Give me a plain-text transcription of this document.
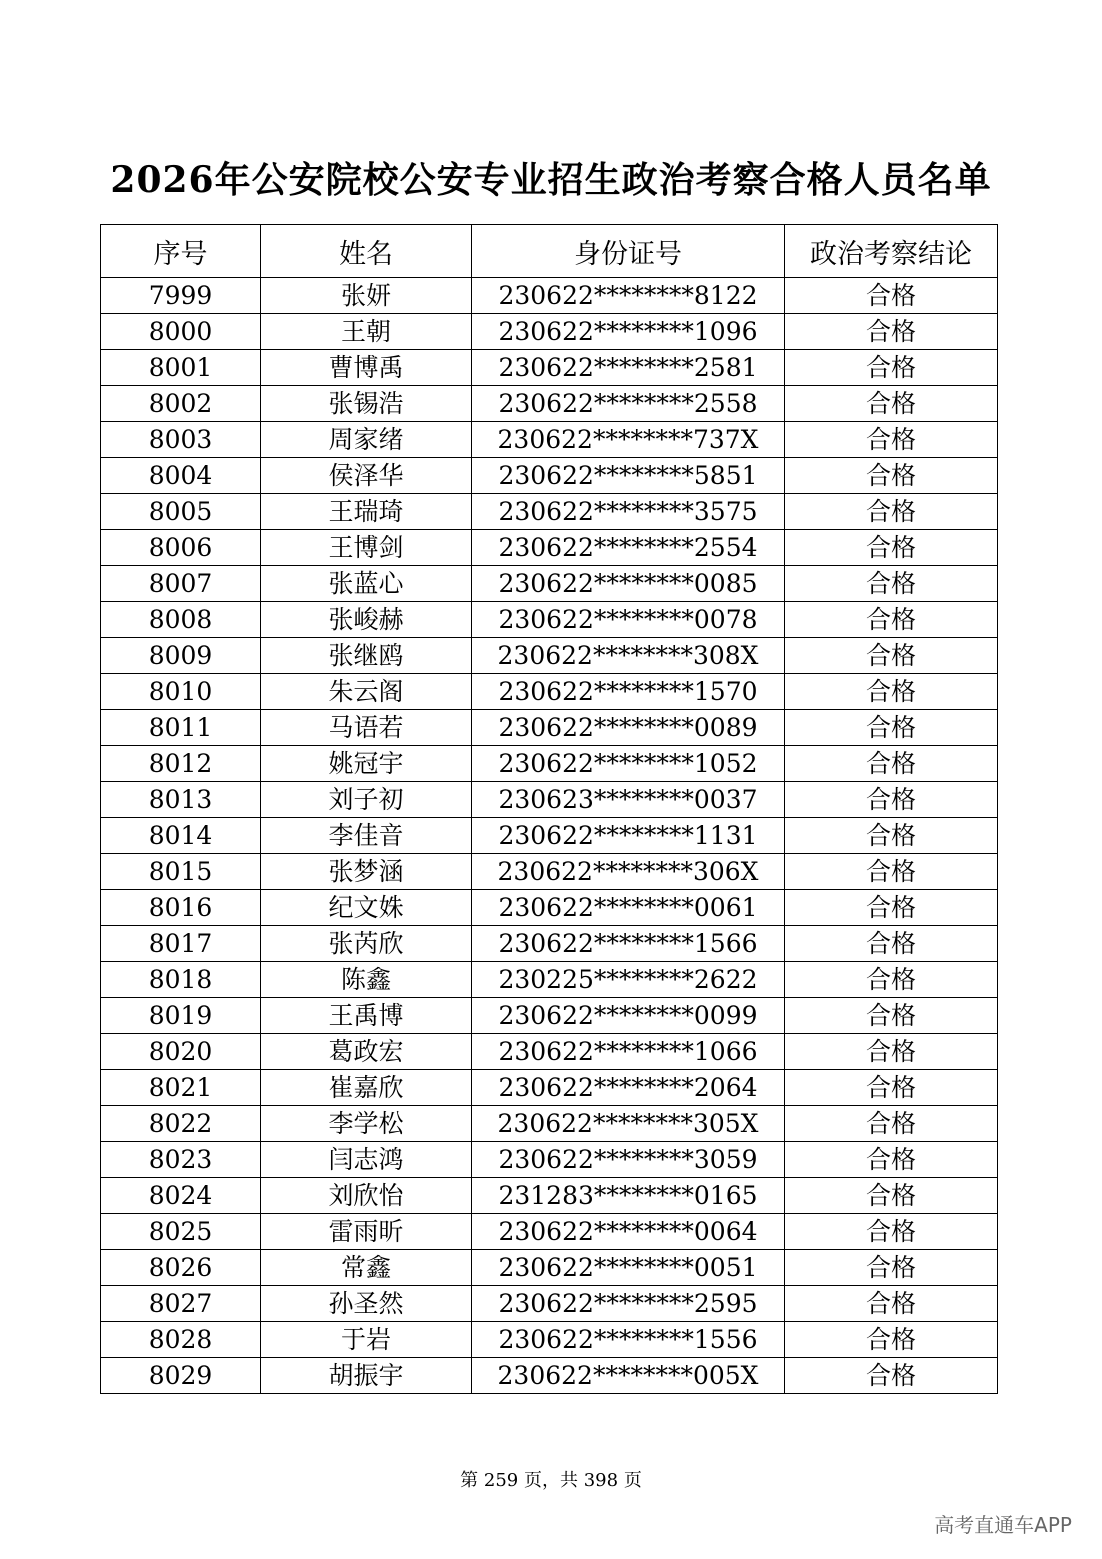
2026年公安院校公安专业招生政治考察合格人员名单
序号	姓名	身份证号	政治考察结论
7999	张妍	230622********8122	合格
8000	王朝	230622********1096	合格
8001	曹博禹	230622********2581	合格
8002	张锡浩	230622********2558	合格
8003	周家绪	230622********737X	合格
8004	侯泽华	230622********5851	合格
8005	王瑞琦	230622********3575	合格
8006	王博剑	230622********2554	合格
8007	张蓝心	230622********0085	合格
8008	张峻赫	230622********0078	合格
8009	张继鸥	230622********308X	合格
8010	朱云阁	230622********1570	合格
8011	马语若	230622********0089	合格
8012	姚冠宇	230622********1052	合格
8013	刘子初	230623********0037	合格
8014	李佳音	230622********1131	合格
8015	张梦涵	230622********306X	合格
8016	纪文姝	230622********0061	合格
8017	张芮欣	230622********1566	合格
8018	陈鑫	230225********2622	合格
8019	王禹博	230622********0099	合格
8020	葛政宏	230622********1066	合格
8021	崔嘉欣	230622********2064	合格
8022	李学松	230622********305X	合格
8023	闫志鸿	230622********3059	合格
8024	刘欣怡	231283********0165	合格
8025	雷雨昕	230622********0064	合格
8026	常鑫	230622********0051	合格
8027	孙圣然	230622********2595	合格
8028	于岩	230622********1556	合格
8029	胡振宇	230622********005X	合格
第 259 页，共 398 页
高考直通车APP
